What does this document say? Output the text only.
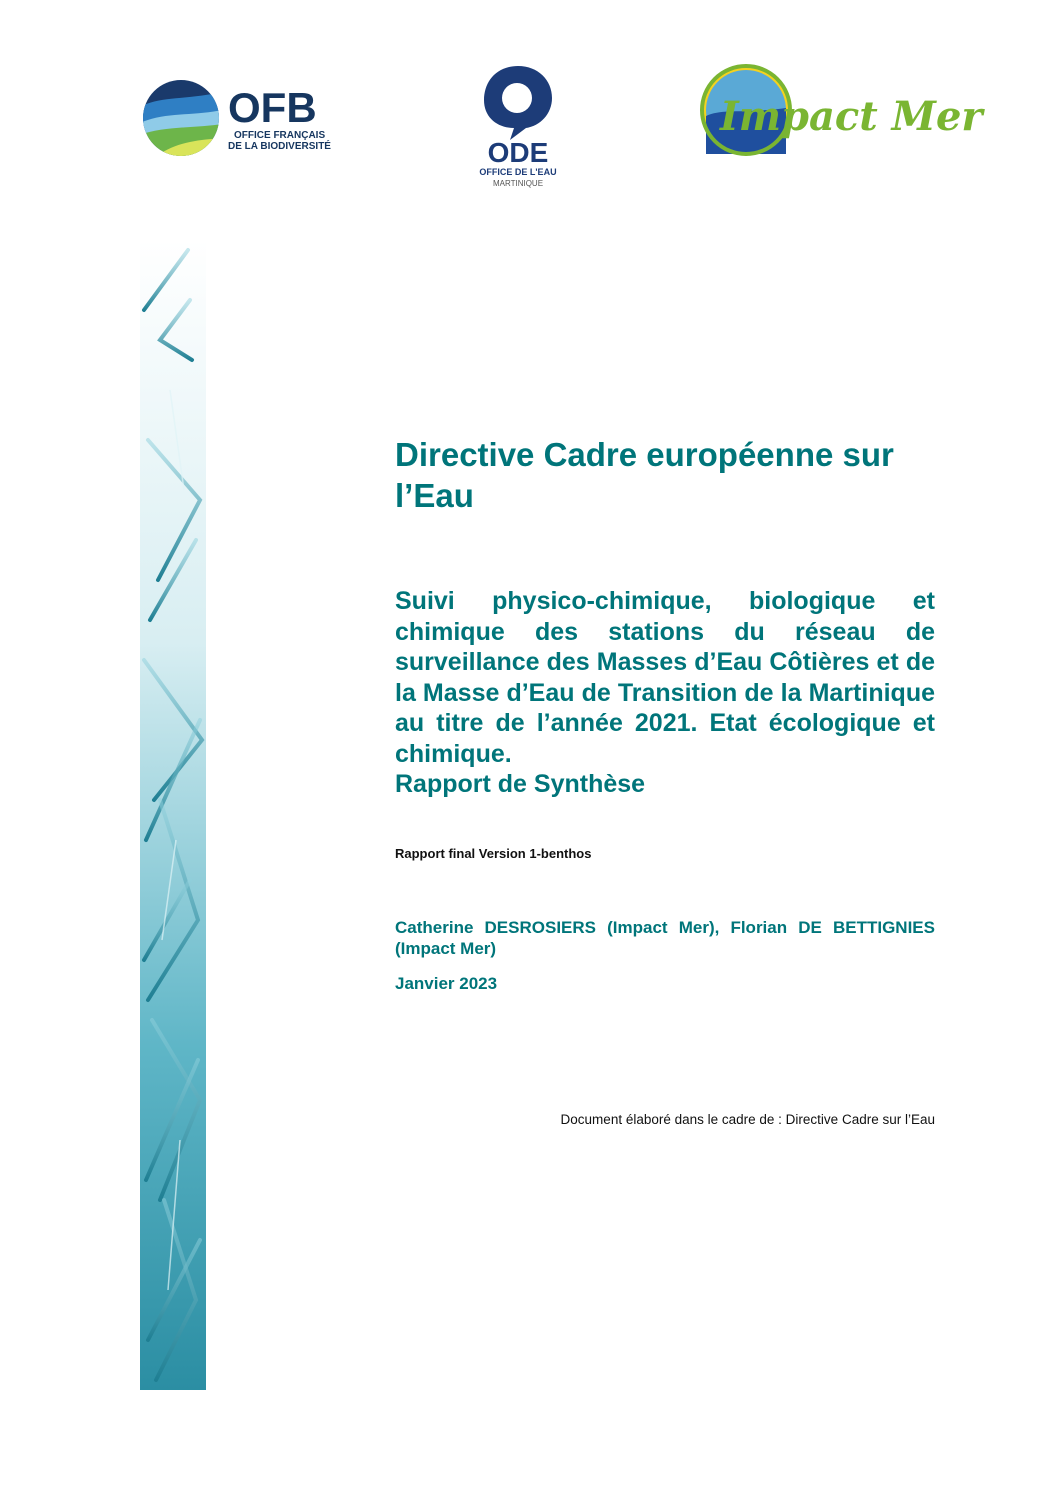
OFB
OFFICE FRANÇAIS
DE LA BIODIVERSITÉ	ODE
OFFICE DE L'EAU
MARTINIQUE
Impact Mer
Directive Cadre européenne sur l’Eau

Suivi physico-chimique, biologique et chimique des stations du réseau de surveillance des Masses d’Eau Côtières et de la Masse d’Eau de Transition de la Martinique au titre de l’année 2021. Etat écologique et chimique.

Rapport de Synthèse

Rapport final Version 1-benthos

Catherine DESROSIERS (Impact Mer), Florian DE BETTIGNIES (Impact Mer)

Janvier 2023

Document élaboré dans le cadre de : Directive Cadre sur l’Eau
